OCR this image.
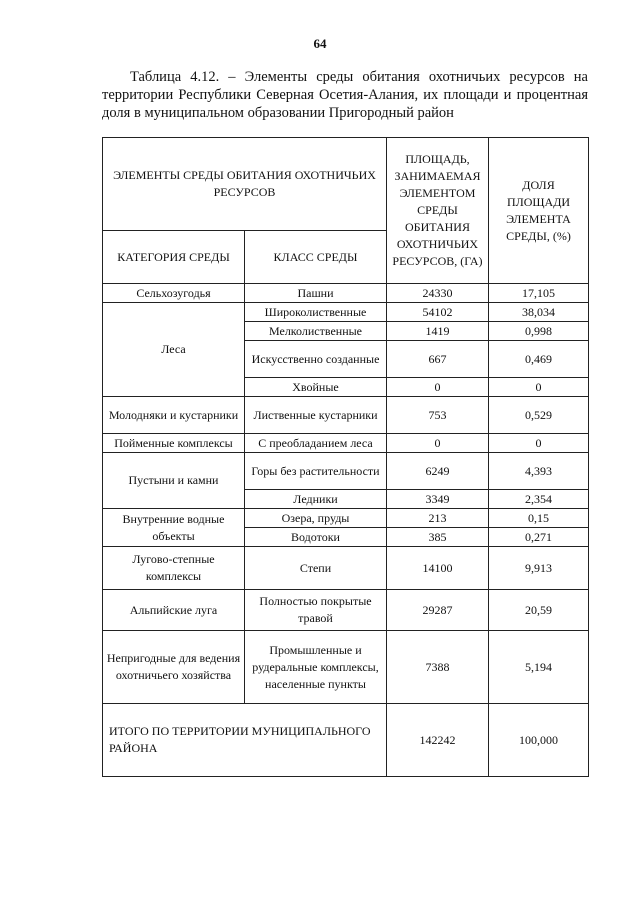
64
Таблица 4.12. – Элементы среды обитания охотничьих ресурсов на территории Республики Северная Осетия-Алания, их площади и процентная доля в муниципальном образовании Пригородный район
ЭЛЕМЕНТЫ СРЕДЫ ОБИТАНИЯ ОХОТНИЧЬИХ РЕСУРСОВ		ПЛОЩАДЬ, ЗАНИМАЕМАЯ ЭЛЕМЕНТОМ СРЕДЫ ОБИТАНИЯ ОХОТНИЧЬИХ РЕСУРСОВ, (ГА)	ДОЛЯ ПЛОЩАДИ ЭЛЕМЕНТА СРЕДЫ, (%)
КАТЕГОРИЯ СРЕДЫ	КЛАСС СРЕДЫ		
Сельхозугодья	Пашни	24330	17,105
Леса	Широколиственные	54102	38,034
	Мелколиственные	1419	0,998
	Искусственно созданные	667	0,469
	Хвойные	0	0
Молодняки и кустарники	Лиственные кустарники	753	0,529
Пойменные комплексы	С преобладанием леса	0	0
Пустыни и камни	Горы без растительности	6249	4,393
	Ледники	3349	2,354
Внутренние водные объекты	Озера, пруды	213	0,15
	Водотоки	385	0,271
Лугово-степные комплексы	Степи	14100	9,913
Альпийские луга	Полностью покрытые травой	29287	20,59
Непригодные для ведения охотничьего хозяйства	Промышленные и рудеральные комплексы, населенные пункты	7388	5,194
ИТОГО ПО ТЕРРИТОРИИ МУНИЦИПАЛЬНОГО РАЙОНА		142242	100,000
